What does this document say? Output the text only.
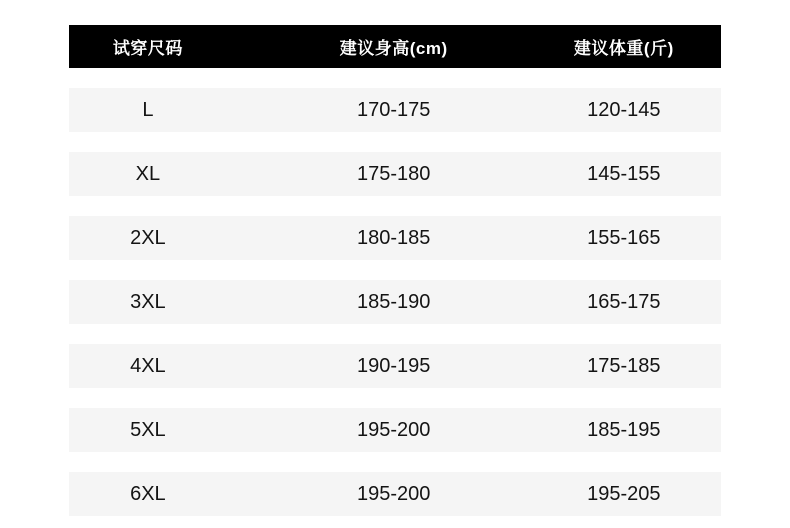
试穿尺码	建议身高(cm)	建议体重(斤)
L	170-175	120-145
XL	175-180	145-155
2XL	180-185	155-165
3XL	185-190	165-175
4XL	190-195	175-185
5XL	195-200	185-195
6XL	195-200	195-205
